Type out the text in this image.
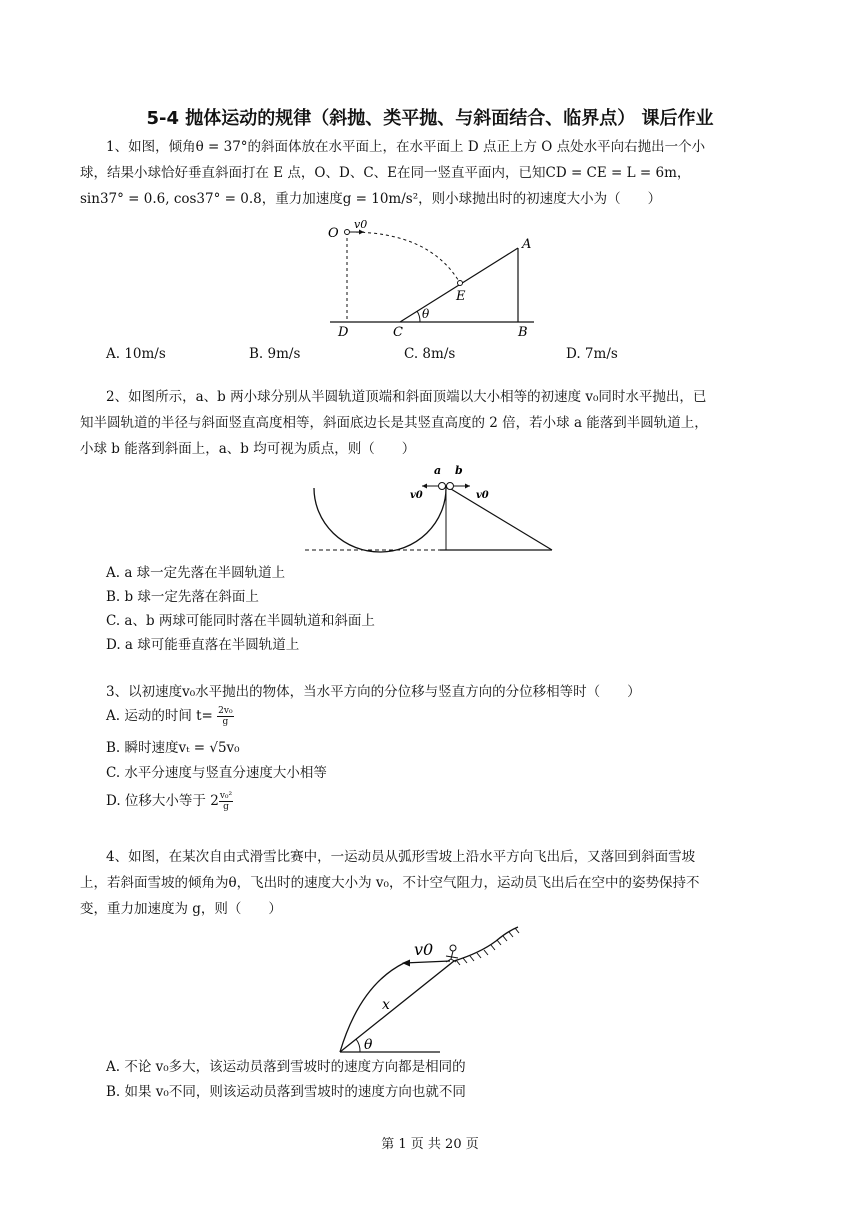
5-4 抛体运动的规律（斜抛、类平抛、与斜面结合、临界点） 课后作业
1、如图，倾角θ = 37°的斜面体放在水平面上，在水平面上 D 点正上方 O 点处水平向右抛出一个小
球，结果小球恰好垂直斜面打在 E 点，O、D、C、E在同一竖直平面内，已知CD = CE = L = 6m，
sin37° = 0.6, cos37° = 0.8，重力加速度g = 10m/s²，则小球抛出时的初速度大小为（　　）
O
v0
A
E
θ
D	C	B
A. 10m/s	B. 9m/s	C. 8m/s	D. 7m/s
2、如图所示，a、b 两小球分别从半圆轨道顶端和斜面顶端以大小相等的初速度 v₀同时水平抛出，已
知半圆轨道的半径与斜面竖直高度相等，斜面底边长是其竖直高度的 2 倍，若小球 a 能落到半圆轨道上，
小球 b 能落到斜面上，a、b 均可视为质点，则（　　）
a b
v0	v0
A. a 球一定先落在半圆轨道上
B. b 球一定先落在斜面上
C. a、b 两球可能同时落在半圆轨道和斜面上
D. a 球可能垂直落在半圆轨道上
3、以初速度v₀水平抛出的物体，当水平方向的分位移与竖直方向的分位移相等时（　　）
A. 运动的时间 $t= \frac{\text{2v₀}}{g}$
B. 瞬时速度vₜ = √5v₀
C. 水平分速度与竖直分速度大小相等
D. 位移大小等于 $2 \frac{\text{v₀²}}{g}$
4、如图，在某次自由式滑雪比赛中，一运动员从弧形雪坡上沿水平方向飞出后，又落回到斜面雪坡
上，若斜面雪坡的倾角为θ，飞出时的速度大小为 v₀，不计空气阻力，运动员飞出后在空中的姿势保持不
变，重力加速度为 g，则（　　）
v0
x
θ
A. 不论 v₀多大，该运动员落到雪坡时的速度方向都是相同的
B. 如果 v₀不同，则该运动员落到雪坡时的速度方向也就不同
第 1 页 共 20 页
